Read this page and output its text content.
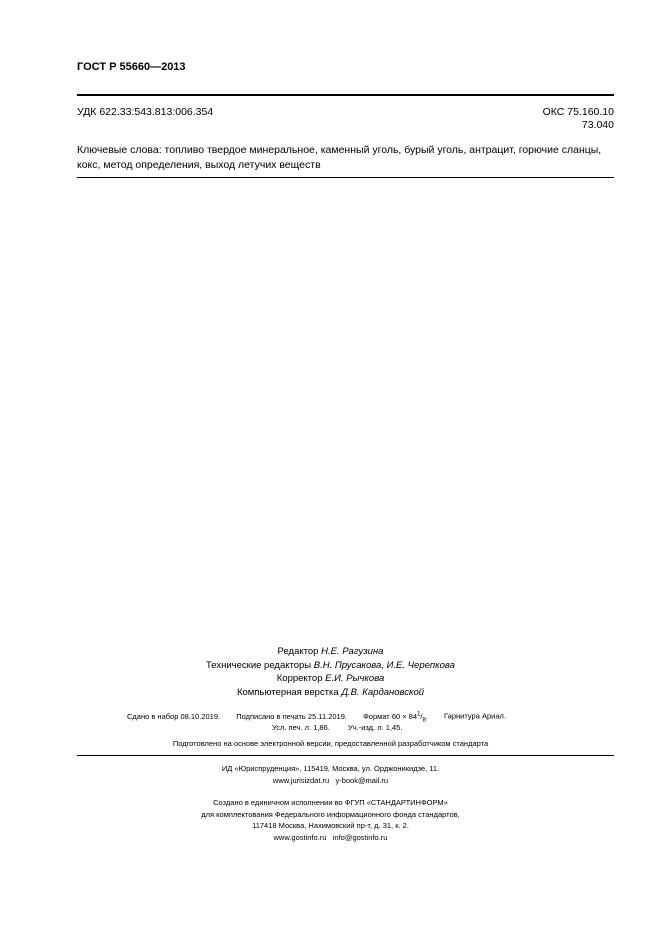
ГОСТ Р 55660—2013
УДК 622.33:543.813:006.354	ОКС 75.160.10
73.040
Ключевые слова: топливо твердое минеральное, каменный уголь, бурый уголь, антрацит, горючие сланцы, кокс, метод определения, выход летучих веществ
Редактор Н.Е. Рагузина
Технические редакторы В.Н. Прусакова, И.Е. Черепкова
Корректор Е.И. Рычкова
Компьютерная верстка Д.В. Кардановской
Сдано в набор 08.10.2019. Подписано в печать 25.11.2019. Формат $60 \times 84^1/_8$. Гарнитура Ариал.
Усл. печ. л. 1,86. Уч.-изд. л. 1,45.
Подготовлено на основе электронной версии, предоставленной разработчиком стандарта
ИД «Юриспруденция», 115419, Москва, ул. Орджоникидзе, 11.
www.jurisizdat.ru y-book@mail.ru
Создано в единичном исполнении во ФГУП «СТАНДАРТИНФОРМ»
для комплектования Федерального информационного фонда стандартов,
117418 Москва, Нахимовский пр-т, д. 31, к. 2.
www.gostinfo.ru info@gostinfo.ru
